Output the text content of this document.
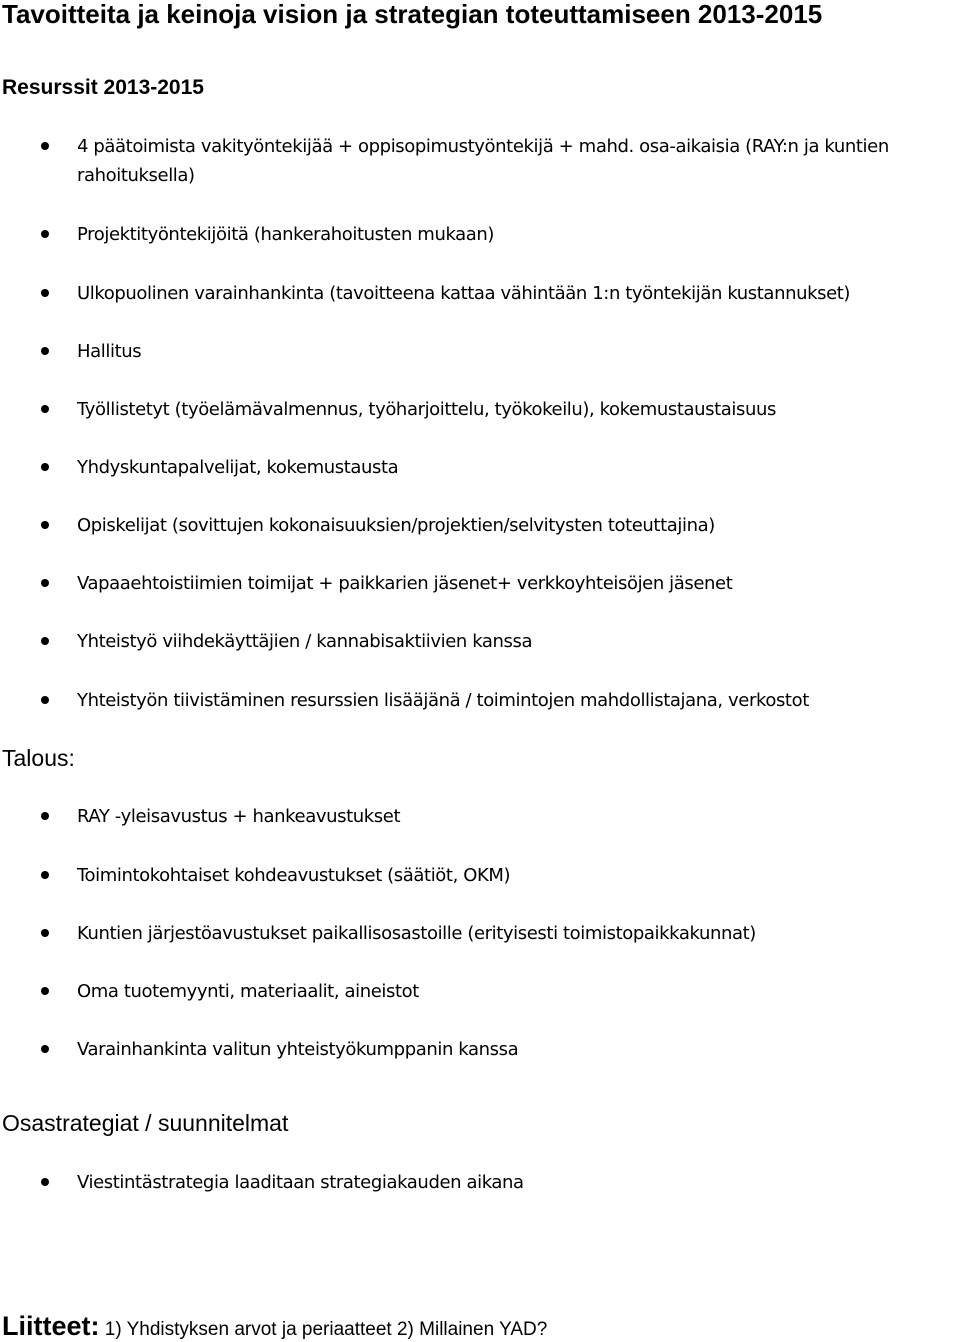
Tavoitteita ja keinoja vision ja strategian toteuttamiseen 2013-2015
Resurssit 2013-2015
4 päätoimista vakityöntekijää + oppisopimustyöntekijä + mahd. osa-aikaisia (RAY:n ja kuntien rahoituksella)
Projektityöntekijöitä (hankerahoitusten mukaan)
Ulkopuolinen varainhankinta (tavoitteena kattaa vähintään 1:n työntekijän kustannukset)
Hallitus
Työllistetyt (työelämävalmennus, työharjoittelu, työkokeilu), kokemustaustaisuus
Yhdyskuntapalvelijat, kokemustausta
Opiskelijat (sovittujen kokonaisuuksien/projektien/selvitysten toteuttajina)
Vapaaehtoistiimien toimijat + paikkarien jäsenet+ verkkoyhteisöjen jäsenet
Yhteistyö viihdekäyttäjien / kannabisaktiivien kanssa
Yhteistyön tiivistäminen resurssien lisääjänä / toimintojen mahdollistajana, verkostot
Talous:
RAY -yleisavustus + hankeavustukset
Toimintokohtaiset kohdeavustukset (säätiöt, OKM)
Kuntien järjestöavustukset paikallisosastoille (erityisesti toimistopaikkakunnat)
Oma tuotemyynti, materiaalit, aineistot
Varainhankinta valitun yhteistyökumppanin kanssa
Osastrategiat / suunnitelmat
Viestintästrategia laaditaan strategiakauden aikana
Liitteet: 1) Yhdistyksen arvot ja periaatteet 2) Millainen YAD?
